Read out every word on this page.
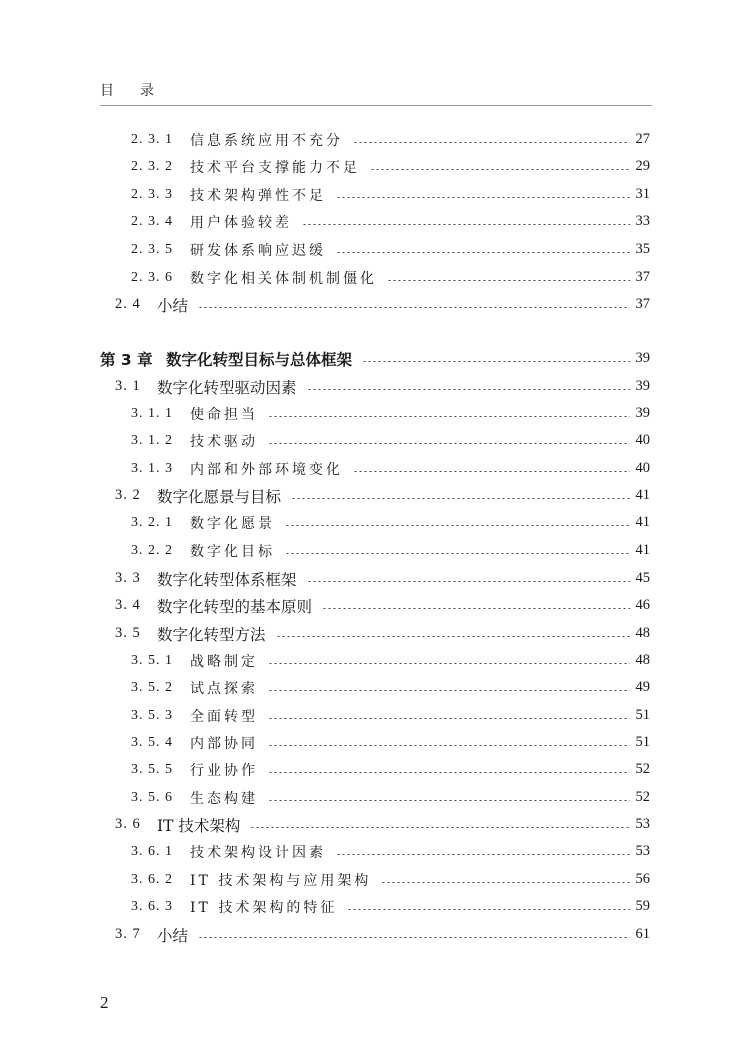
目 录
2. 3. 1 信息系统应用不充分	27
2. 3. 2 技术平台支撑能力不足	29
2. 3. 3 技术架构弹性不足	31
2. 3. 4 用户体验较差	33
2. 3. 5 研发体系响应迟缓	35
2. 3. 6 数字化相关体制机制僵化	37
2. 4 小结	37
第 3 章 数字化转型目标与总体框架	39
3. 1 数字化转型驱动因素	39
3. 1. 1 使命担当	39
3. 1. 2 技术驱动	40
3. 1. 3 内部和外部环境变化	40
3. 2 数字化愿景与目标	41
3. 2. 1 数字化愿景	41
3. 2. 2 数字化目标	41
3. 3 数字化转型体系框架	45
3. 4 数字化转型的基本原则	46
3. 5 数字化转型方法	48
3. 5. 1 战略制定	48
3. 5. 2 试点探索	49
3. 5. 3 全面转型	51
3. 5. 4 内部协同	51
3. 5. 5 行业协作	52
3. 5. 6 生态构建	52
3. 6 IT 技术架构	53
3. 6. 1 技术架构设计因素	53
3. 6. 2 IT 技术架构与应用架构	56
3. 6. 3 IT 技术架构的特征	59
3. 7 小结	61
2
